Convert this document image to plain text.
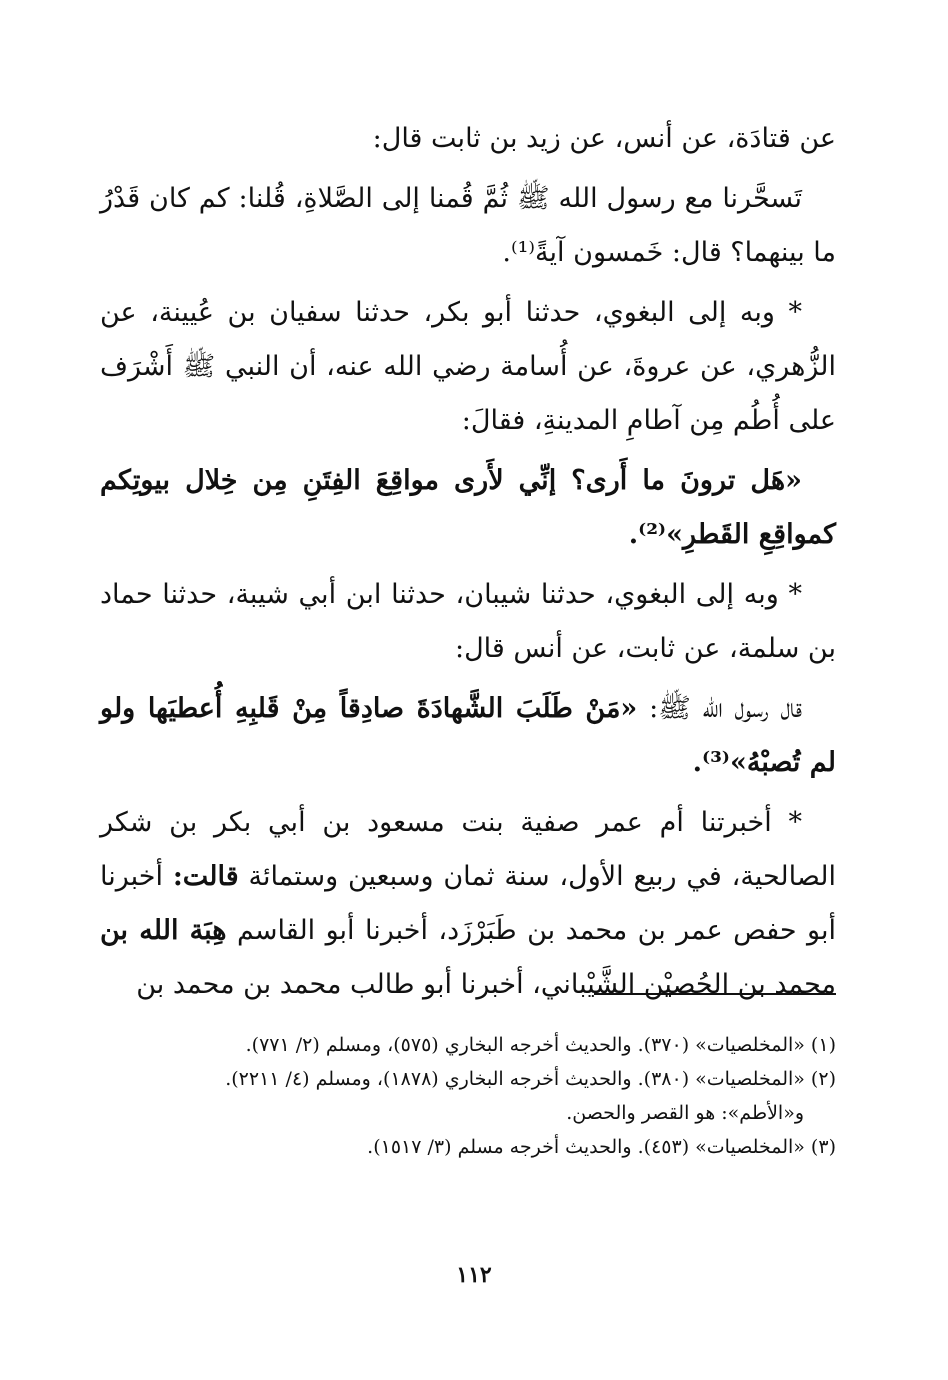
عن قتادَة، عن أنس، عن زيد بن ثابت قال:

تَسحَّرنا مع رسول الله ﷺ ثُمَّ قُمنا إلى الصَّلاةِ، قُلنا: كم كان قَدْرُ ما بينهما؟ قال: خَمسون آيةً⁽¹⁾.

* وبه إلى البغوي، حدثنا أبو بكر، حدثنا سفيان بن عُيينة، عن الزُّهري، عن عروةَ، عن أُسامة رضي الله عنه، أن النبي ﷺ أَشْرَف على أُطُم مِن آطامِ المدينةِ، فقالَ:

«هَل ترونَ ما أَرى؟ إنِّي لأَرى مواقِعَ الفِتَنِ مِن خِلال بيوتِكم كمواقِعِ القَطرِ»⁽²⁾.

* وبه إلى البغوي، حدثنا شيبان، حدثنا ابن أبي شيبة، حدثنا حماد بن سلمة، عن ثابت، عن أنس قال:

قال رسول الله ﷺ: «مَنْ طَلَبَ الشَّهادَةَ صادِقاً مِنْ قَلبِهِ أُعطيَها ولو لم تُصبْهُ»⁽³⁾.

* أخبرتنا أم عمر صفية بنت مسعود بن أبي بكر بن شكر الصالحية، في ربيع الأول، سنة ثمان وسبعين وستمائة قالت: أخبرنا أبو حفص عمر بن محمد بن طَبَرْزَد، أخبرنا أبو القاسم هِبَة الله بن محمد بن الحُصيْن الشَّيْباني، أخبرنا أبو طالب محمد بن محمد بن

(١) «المخلصيات» (٣٧٠). والحديث أخرجه البخاري (٥٧٥)، ومسلم (٢/ ٧٧١).

(٢) «المخلصيات» (٣٨٠). والحديث أخرجه البخاري (١٨٧٨)، ومسلم (٤/ ٢٢١١).

و«الأطم»: هو القصر والحصن.

(٣) «المخلصيات» (٤٥٣). والحديث أخرجه مسلم (٣/ ١٥١٧).

١١٢
